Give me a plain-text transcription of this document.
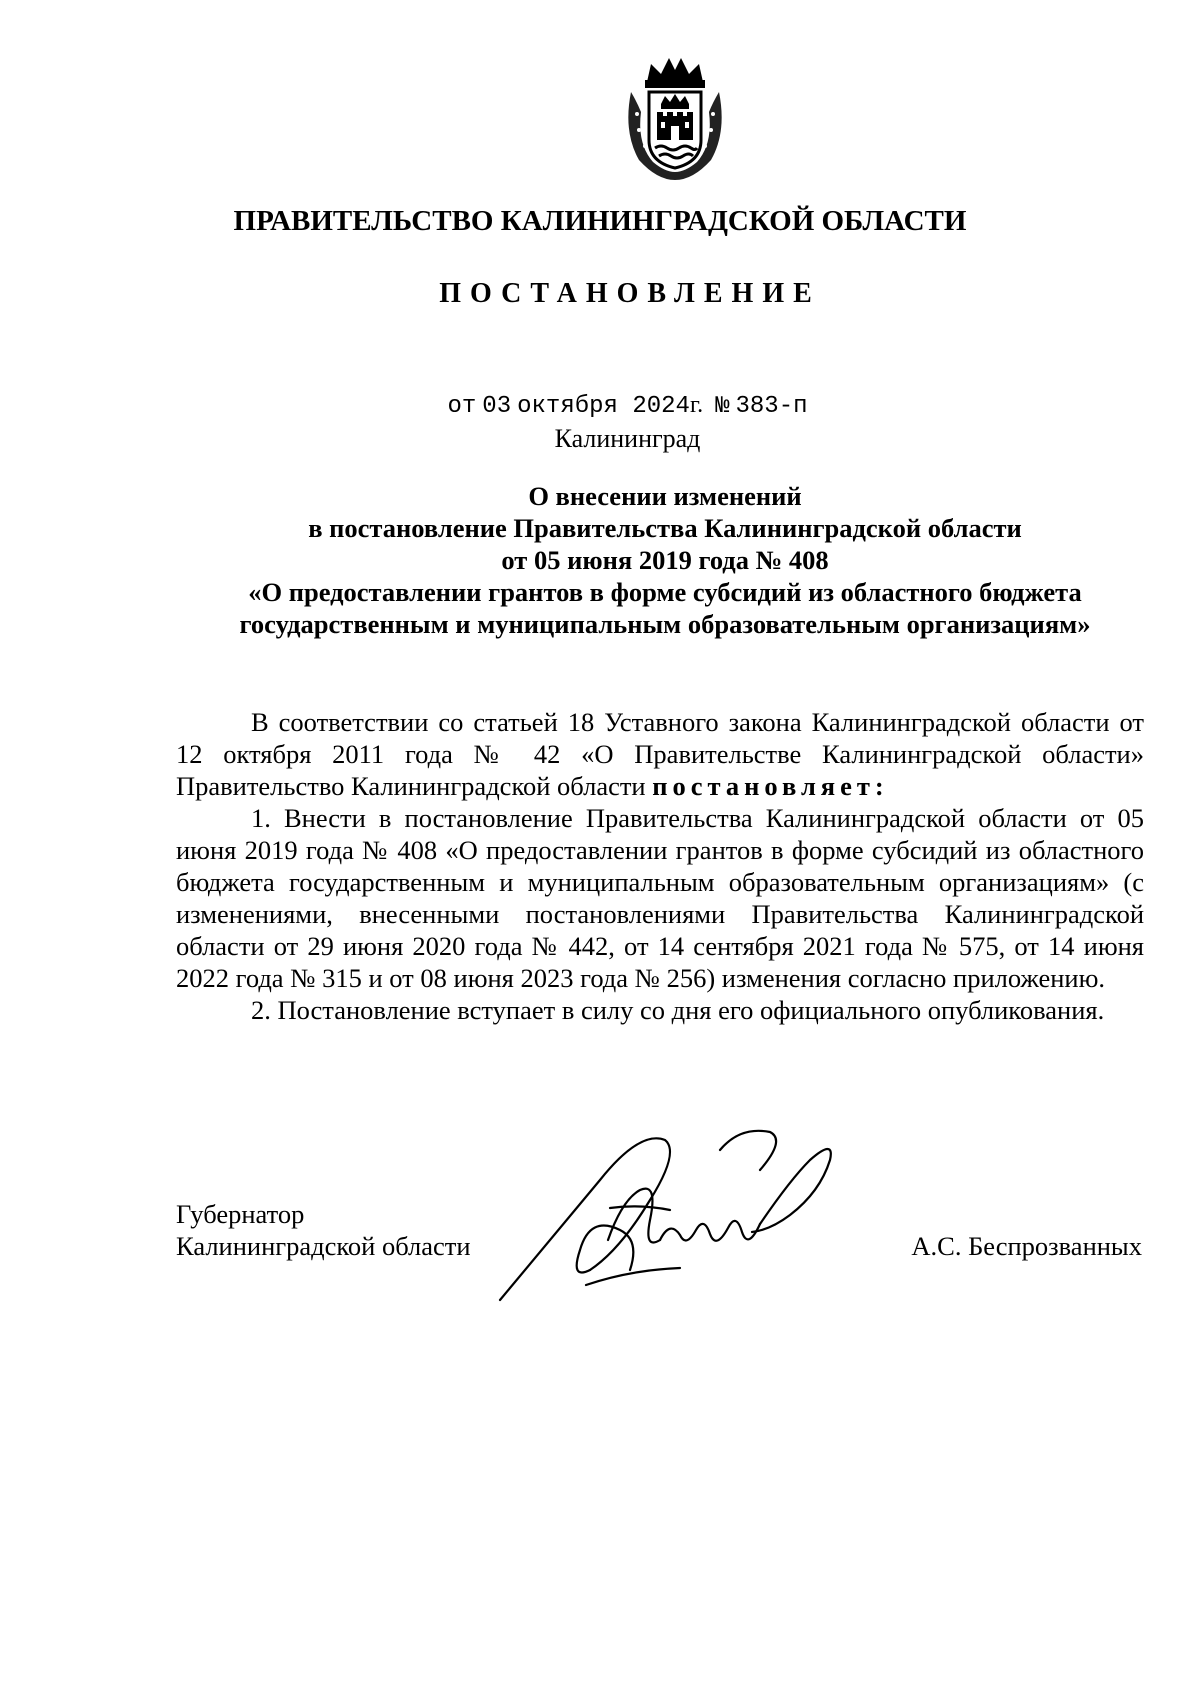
ПРАВИТЕЛЬСТВО КАЛИНИНГРАДСКОЙ ОБЛАСТИ
ПОСТАНОВЛЕНИЕ
от 03 октября 2024г. № 383-п
Калининград
О внесении изменений
в постановление Правительства Калининградской области
от 05 июня 2019 года № 408
«О предоставлении грантов в форме субсидий из областного бюджета
государственным и муниципальным образовательным организациям»

В соответствии со статьей 18 Уставного закона Калининградской области от 12 октября 2011 года № 42 «О Правительстве Калининградской области» Правительство Калининградской области постановляет:

1. Внести в постановление Правительства Калининградской области от 05 июня 2019 года № 408 «О предоставлении грантов в форме субсидий из областного бюджета государственным и муниципальным образовательным организациям» (с изменениями, внесенными постановлениями Правительства Калининградской области от 29 июня 2020 года № 442, от 14 сентября 2021 года № 575, от 14 июня 2022 года № 315 и от 08 июня 2023 года № 256) изменения согласно приложению.

2. Постановление вступает в силу со дня его официального опубликования.

Губернатор
Калининградской области	А.С. Беспрозванных
